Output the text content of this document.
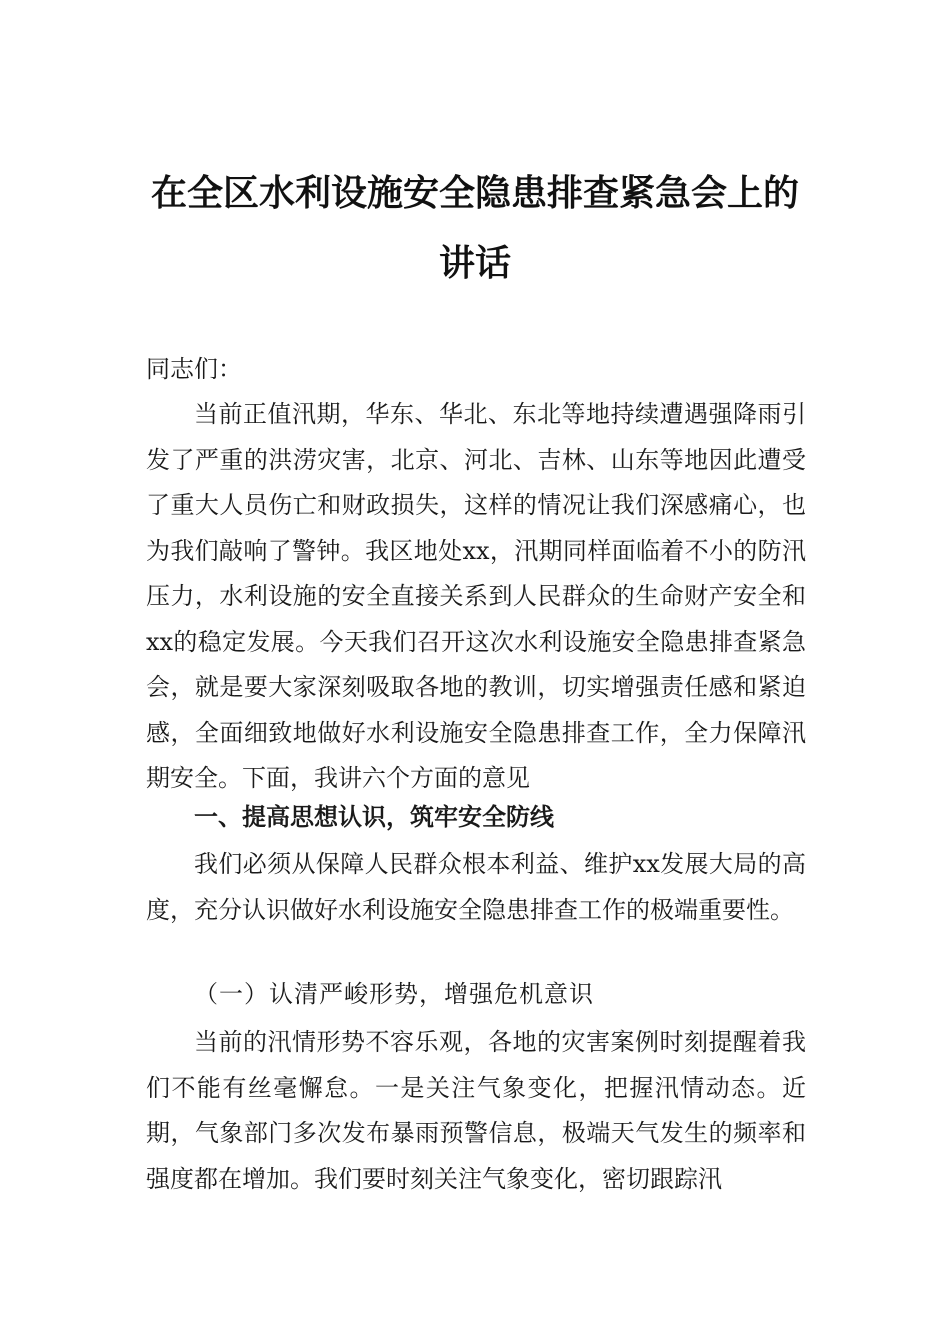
在全区水利设施安全隐患排查紧急会上的
讲话
同志们：

当前正值汛期，华东、华北、东北等地持续遭遇强降雨引发了严重的洪涝灾害，北京、河北、吉林、山东等地因此遭受了重大人员伤亡和财政损失，这样的情况让我们深感痛心，也为我们敲响了警钟。我区地处xx，汛期同样面临着不小的防汛压力，水利设施的安全直接关系到人民群众的生命财产安全和xx的稳定发展。今天我们召开这次水利设施安全隐患排查紧急会，就是要大家深刻吸取各地的教训，切实增强责任感和紧迫感，全面细致地做好水利设施安全隐患排查工作，全力保障汛期安全。下面，我讲六个方面的意见

一、提高思想认识，筑牢安全防线

我们必须从保障人民群众根本利益、维护xx发展大局的高度，充分认识做好水利设施安全隐患排查工作的极端重要性。

（一）认清严峻形势，增强危机意识

当前的汛情形势不容乐观，各地的灾害案例时刻提醒着我们不能有丝毫懈怠。一是关注气象变化，把握汛情动态。近期，气象部门多次发布暴雨预警信息，极端天气发生的频率和强度都在增加。我们要时刻关注气象变化，密切跟踪汛
